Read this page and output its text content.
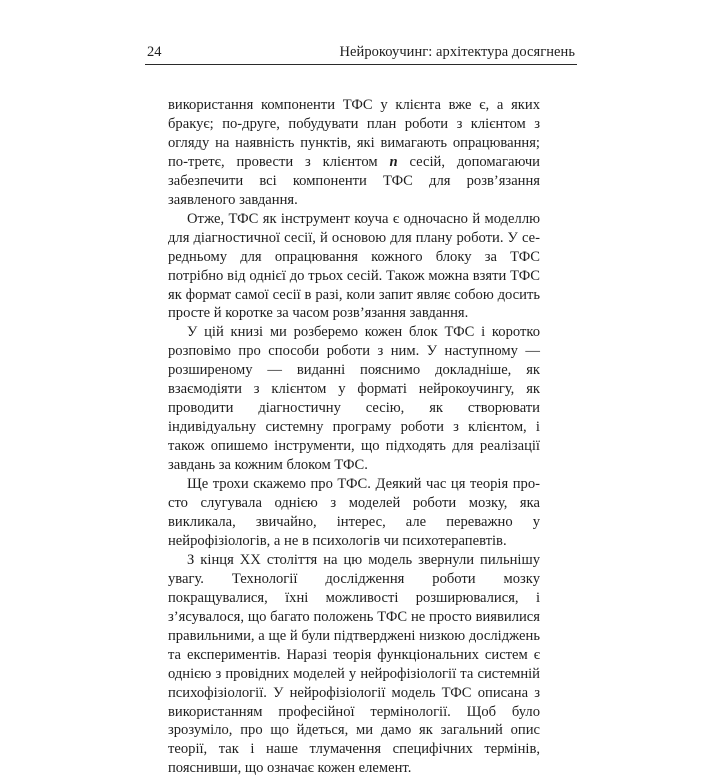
24	Нейрокоучинг: архітектура досягнень

використання компоненти ТФС у клієнта вже є, а яких бракує; по-друге, побудувати план роботи з клієнтом з огляду на наявність пунктів, які вимагають опрацювання; по-третє, провести з клієнтом n сесій, допомагаючи забезпечити всі компоненти ТФС для розв’язання заявленого завдання.

Отже, ТФС як інструмент коуча є одночасно й моделлю для діагностичної сесії, й основою для плану роботи. У середньому для опрацювання кожного блоку за ТФС потрібно від однієї до трьох сесій. Також можна взяти ТФС як формат самої сесії в разі, коли запит являє собою досить просте й коротке за часом розв’язання завдання.

У цій книзі ми розберемо кожен блок ТФС і коротко розповімо про способи роботи з ним. У наступному — розширеному — виданні пояснимо докладніше, як взаємодіяти з клієнтом у форматі нейрокоучингу, як проводити діагностичну сесію, як створювати індивідуальну системну програму роботи з клієнтом, і також опишемо інструменти, що підходять для реалізації завдань за кожним блоком ТФС.

Ще трохи скажемо про ТФС. Деякий час ця теорія просто слугувала однією з моделей роботи мозку, яка викликала, звичайно, інтерес, але переважно у нейрофізіологів, а не в психологів чи психотерапевтів.

З кінця XX століття на цю модель звернули пильнішу увагу. Технології дослідження роботи мозку покращувалися, їхні можливості розширювалися, і з’ясувалося, що багато положень ТФС не просто виявилися правильними, а ще й були підтверджені низкою досліджень та експериментів. Наразі теорія функціональних систем є однією з провідних моделей у нейрофізіології та системній психофізіології. У нейрофізіології модель ТФС описана з використанням професійної термінології. Щоб було зрозуміло, про що йдеться, ми дамо як загальний опис теорії, так і наше тлумачення специфічних термінів, пояснивши, що означає кожен елемент.
